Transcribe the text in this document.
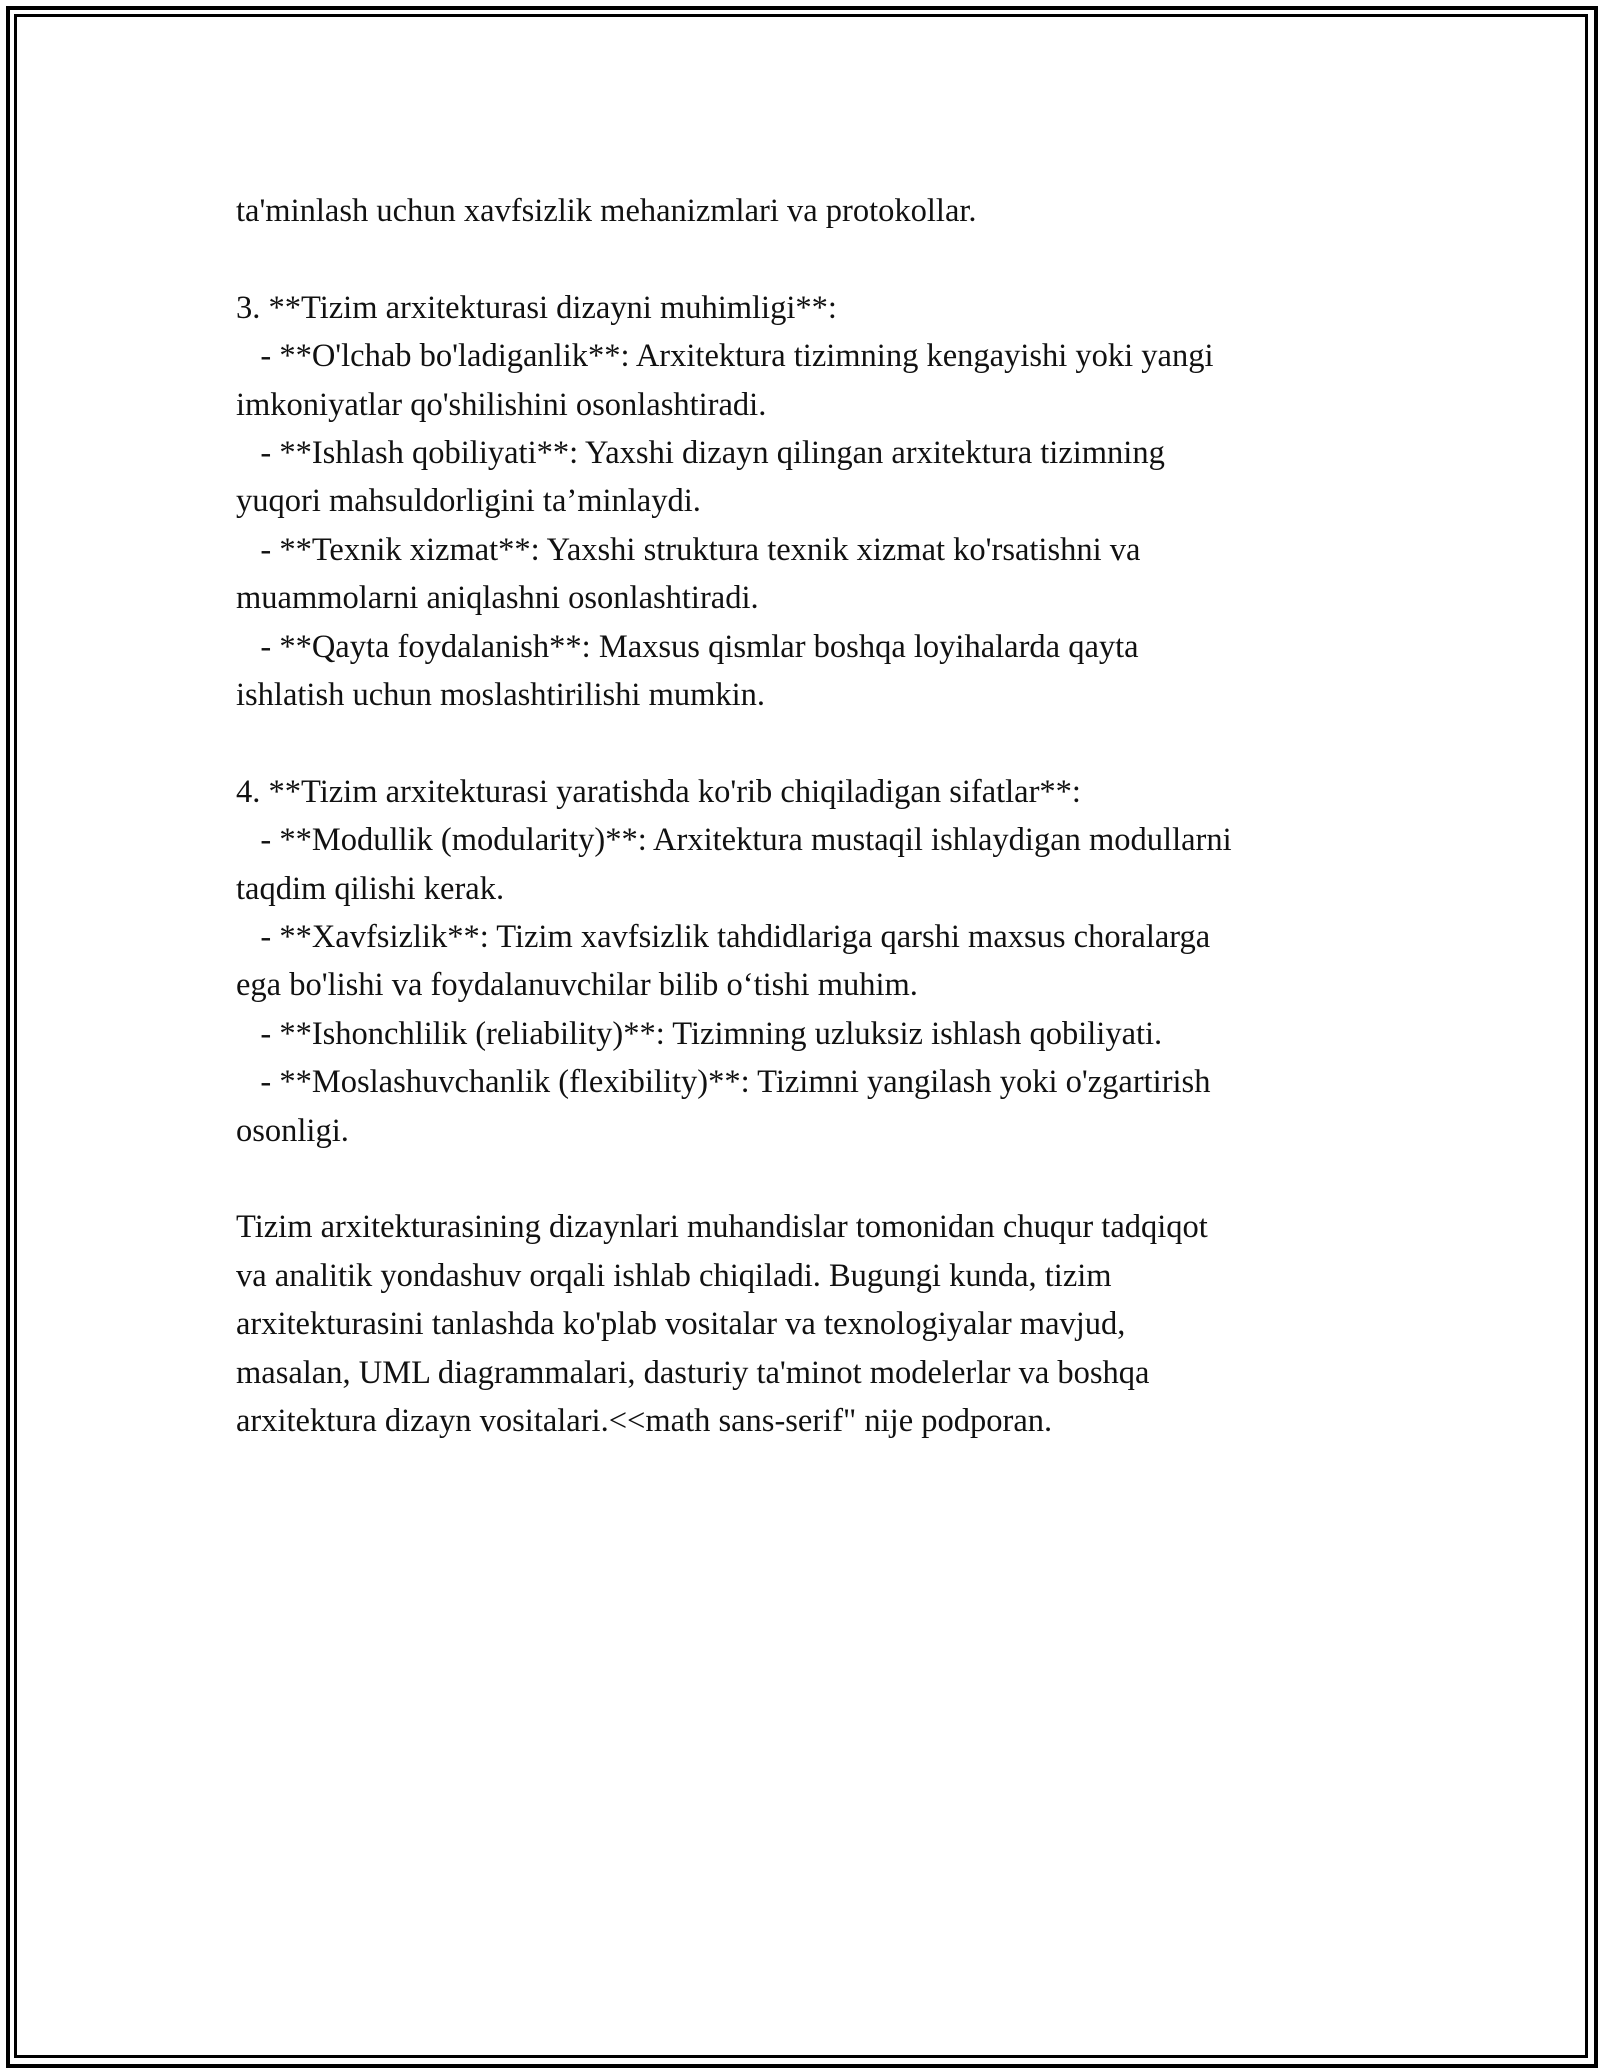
ta'minlash uchun xavfsizlik mehanizmlari va protokollar.
3. **Tizim arxitekturasi dizayni muhimligi**:
- **O'lchab bo'ladiganlik**: Arxitektura tizimning kengayishi yoki yangi
imkoniyatlar qo'shilishini osonlashtiradi.
- **Ishlash qobiliyati**: Yaxshi dizayn qilingan arxitektura tizimning
yuqori mahsuldorligini ta’minlaydi.
- **Texnik xizmat**: Yaxshi struktura texnik xizmat ko'rsatishni va
muammolarni aniqlashni osonlashtiradi.
- **Qayta foydalanish**: Maxsus qismlar boshqa loyihalarda qayta
ishlatish uchun moslashtirilishi mumkin.
4. **Tizim arxitekturasi yaratishda ko'rib chiqiladigan sifatlar**:
- **Modullik (modularity)**: Arxitektura mustaqil ishlaydigan modullarni
taqdim qilishi kerak.
- **Xavfsizlik**: Tizim xavfsizlik tahdidlariga qarshi maxsus choralarga
ega bo'lishi va foydalanuvchilar bilib o‘tishi muhim.
- **Ishonchlilik (reliability)**: Tizimning uzluksiz ishlash qobiliyati.
- **Moslashuvchanlik (flexibility)**: Tizimni yangilash yoki o'zgartirish
osonligi.
Tizim arxitekturasining dizaynlari muhandislar tomonidan chuqur tadqiqot
va analitik yondashuv orqali ishlab chiqiladi. Bugungi kunda, tizim
arxitekturasini tanlashda ko'plab vositalar va texnologiyalar mavjud,
masalan, UML diagrammalari, dasturiy ta'minot modelerlar va boshqa
arxitektura dizayn vositalari.<<math sans-serif" nije podporan.
